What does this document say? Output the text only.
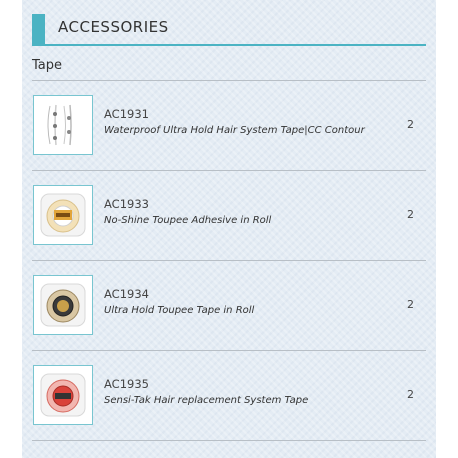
ACCESSORIES
Tape
AC1931
Waterproof Ultra Hold Hair System Tape|CC Contour	2
AC1933
No-Shine Toupee Adhesive in Roll	2
AC1934
Ultra Hold Toupee Tape in Roll	2
AC1935
Sensi-Tak Hair replacement System Tape	2
